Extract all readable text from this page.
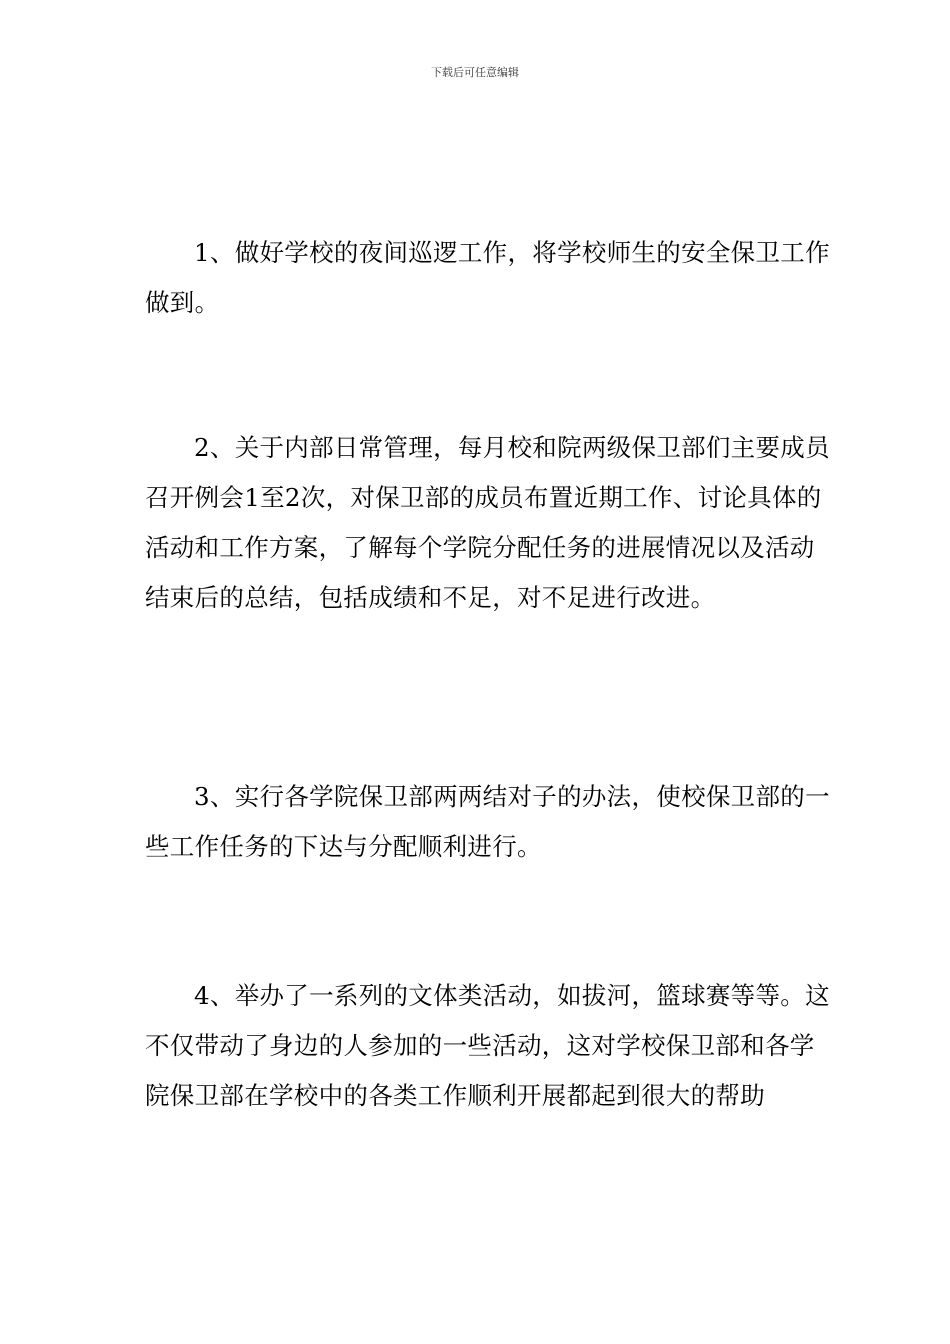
下载后可任意编辑

1、做好学校的夜间巡逻工作，将学校师生的安全保卫工作做到。

2、关于内部日常管理，每月校和院两级保卫部们主要成员召开例会1至2次，对保卫部的成员布置近期工作、讨论具体的活动和工作方案，了解每个学院分配任务的进展情况以及活动结束后的总结，包括成绩和不足，对不足进行改进。

3、实行各学院保卫部两两结对子的办法，使校保卫部的一些工作任务的下达与分配顺利进行。

4、举办了一系列的文体类活动，如拔河，篮球赛等等。这不仅带动了身边的人参加的一些活动，这对学校保卫部和各学院保卫部在学校中的各类工作顺利开展都起到很大的帮助
